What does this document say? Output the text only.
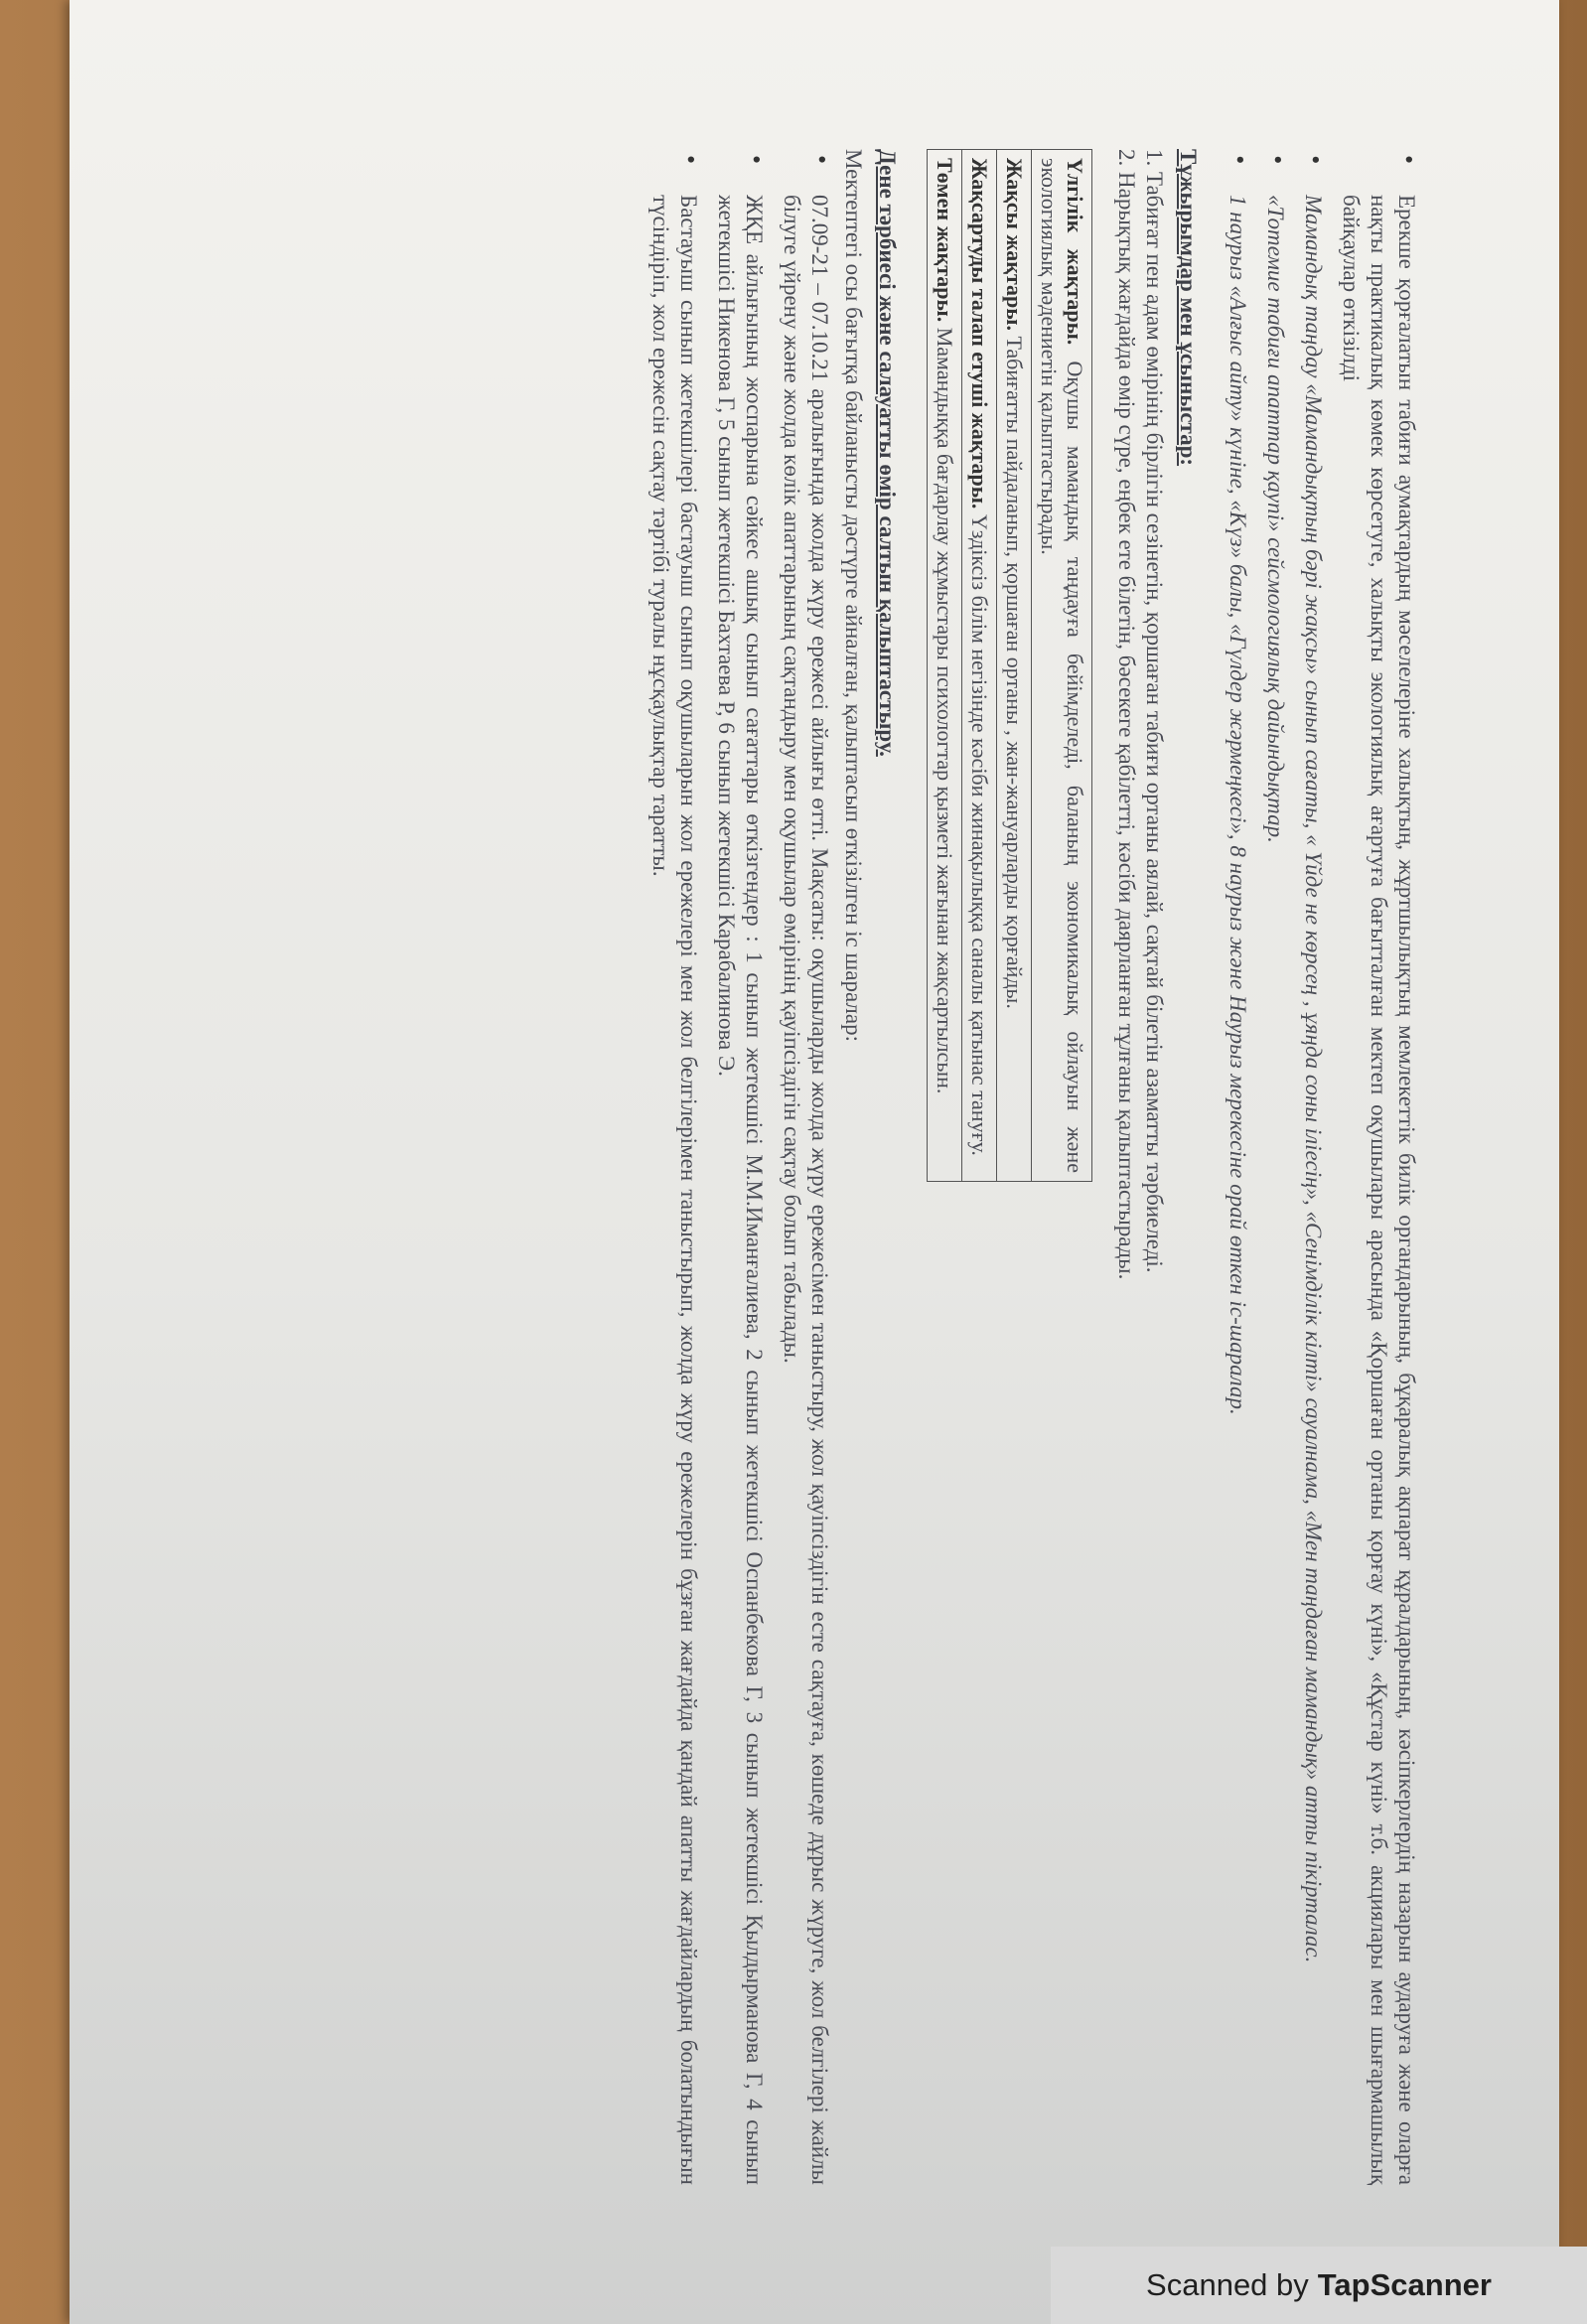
• Ерекше қорғалатын табиғи аумақтардың мәселелеріне халықтың, жұртшылықтың мемлекеттік билік органдарының, бұқаралық ақпарат құралдарының, кәсіпкерлердің назарын аударуға және оларға нақты практикалық көмек көрсетуге, халықты экологиялық ағартуға бағытталған мектеп оқушылары арасында «Қоршаған ортаны қорғау күні», «Құстар күні» т.б. акциялары мен шығармашылық байқаулар өткізілді
• Мамандық таңдау «Мамандықтың бәрі жақсы» сынып сағаты, « Үйде не көрсең , ұяңда соны іліесің», «Сенімділік кілті» сауалнама, «Мен таңдаған мамандық» атты пікірталас.
• «Тотемие табиғи апаттар қаупі» сейсмологиялық дайындықтар.
• 1 наурыз «Алғыс айту» күніне, «Күз» балы, «Гүлдер жәрмеңкесі», 8 наурыз және Наурыз мерекесіне орай өткен іс-шаралар.
Тұжырымдар мен ұсыныстар:

1. Табиғат пен адам өмірінің бірлігін сезінетін, қоршаған табиғи ортаны аялай, сақтай білетін азаматты тәрбиеледі.

2. Нарықтық жағдайда өмір сүре, еңбек ете білетін, бәсекеге қабілетті, кәсіби даярланған тұлғаны қалыптастырады.

Үлгілік жақтары. Оқушы мамандық таңдауға бейімделеді, баланың экономикалық ойлауын және экологиялық мәдениетін қалыптастырады.
Жақсы жақтары. Табиғатты пайдаланып, қоршаған ортаны , жан-жануарларды қорғайды.
Жақсартуды талап етуші жақтары. Үздіксіз білім негізінде кәсіби жинақылыққа саналы қатынас тануғу.
Төмен жақтары. Мамандыққа бағдарлау жұмыстары психологтар қызметі жағынан жақсартылсын.
Дене тәрбиесі және салауатты өмір салтын қалыптастыру.

Мектептегі осы бағытқа байланысты дәстүрге айналған, қалыптасып өткізілген іс шаралар:

• 07.09-21 – 07.10.21 аралығында жолда жүру ережесі айлығы өтті. Мақсаты: оқушыларды жолда жүру ережесімен таныстыру, жол қауіпсіздігін есте сақтауға, көшеде дұрыс жүруге, жол белгілері жайлы білуге үйрену және жолда көлік апаттарының сақтандыру мен оқушылар өмірінің қауіпсіздігін сақтау болып табылады.
• ЖҚЕ айлығының жоспарына сәйкес ашық сынып сағаттары өткізгендер : 1 сынып жетекшісі М.М.Иманғалиева, 2 сынып жетекшісі Оспанбекова Г, 3 сынып жетекшісі Қылдырманова Г, 4 сынып жетекшісі Никенова Г, 5 сынып жетекшісі Бахтаева Р, 6 сынып жетекшісі Карабалинова Э.
• Бастауыш сынып жетекшілері бастауыш сынып оқушыларын жол ережелері мен жол белгілерімен таныстырып, жолда жүру ережелерін бұзған жағдайда қандай апатты жағдайлардың болатындығын түсіндіріп, жол ережесін сақтау тәртібі туралы нұсқаулықтар таратты.
Scanned by TapScanner
